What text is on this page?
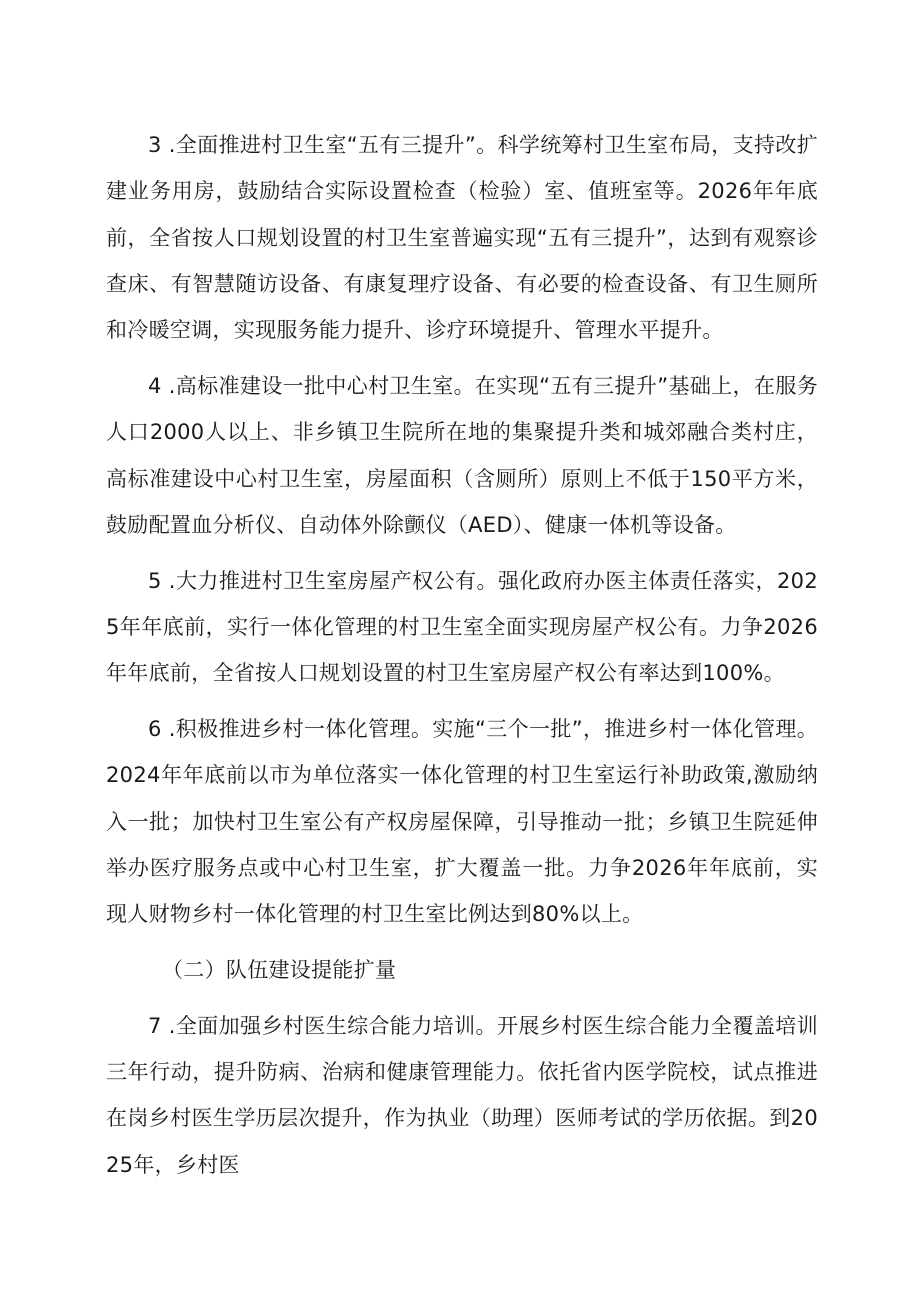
3 .全面推进村卫生室“五有三提升”。科学统筹村卫生室布局，支持改扩建业务用房，鼓励结合实际设置检查（检验）室、值班室等。2026年年底前，全省按人口规划设置的村卫生室普遍实现“五有三提升”，达到有观察诊查床、有智慧随访设备、有康复理疗设备、有必要的检查设备、有卫生厕所和冷暖空调，实现服务能力提升、诊疗环境提升、管理水平提升。

4 .高标准建设一批中心村卫生室。在实现“五有三提升”基础上，在服务人口2000人以上、非乡镇卫生院所在地的集聚提升类和城郊融合类村庄，高标准建设中心村卫生室，房屋面积（含厕所）原则上不低于150平方米，鼓励配置血分析仪、自动体外除颤仪（AED）、健康一体机等设备。

5 .大力推进村卫生室房屋产权公有。强化政府办医主体责任落实，2025年年底前，实行一体化管理的村卫生室全面实现房屋产权公有。力争2026年年底前，全省按人口规划设置的村卫生室房屋产权公有率达到100%。

6 .积极推进乡村一体化管理。实施“三个一批”，推进乡村一体化管理。2024年年底前以市为单位落实一体化管理的村卫生室运行补助政策,激励纳入一批；加快村卫生室公有产权房屋保障，引导推动一批；乡镇卫生院延伸举办医疗服务点或中心村卫生室，扩大覆盖一批。力争2026年年底前，实现人财物乡村一体化管理的村卫生室比例达到80%以上。

（二）队伍建设提能扩量

7 .全面加强乡村医生综合能力培训。开展乡村医生综合能力全覆盖培训三年行动，提升防病、治病和健康管理能力。依托省内医学院校，试点推进在岗乡村医生学历层次提升，作为执业（助理）医师考试的学历依据。到2025年，乡村医
